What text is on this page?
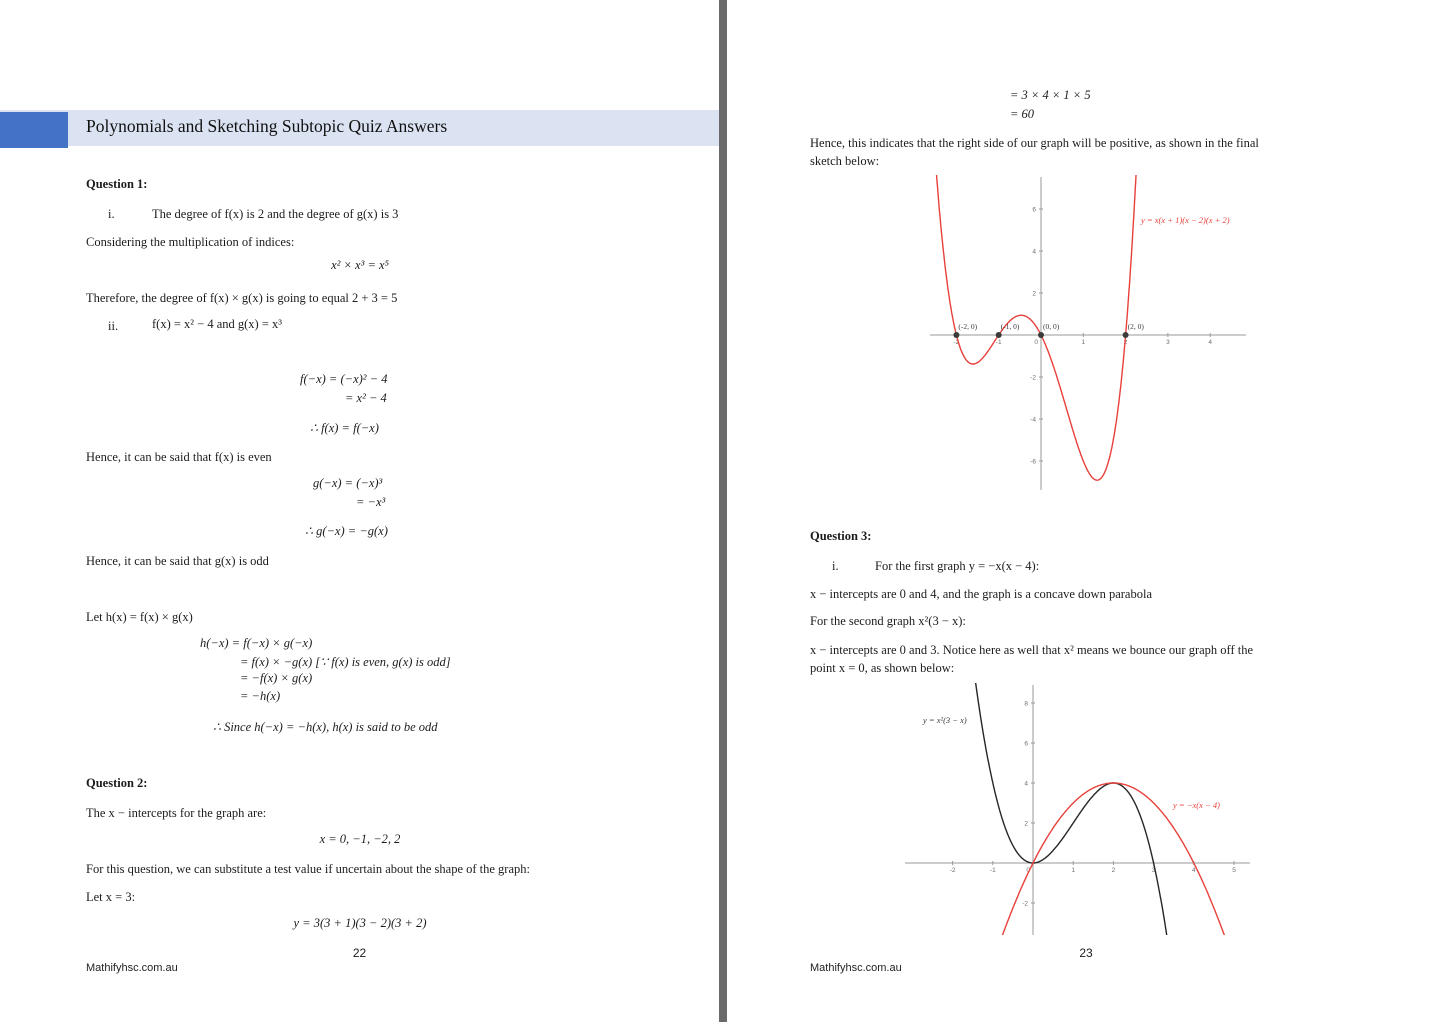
Polynomials and Sketching Subtopic Quiz Answers
Question 1:
i.	The degree of f(x) is 2 and the degree of g(x) is 3
Considering the multiplication of indices:
x² × x³ = x⁵
Therefore, the degree of f(x) × g(x) is going to equal 2 + 3 = 5
ii.	f(x) = x² − 4 and g(x) = x³
f(−x) = (−x)² − 4
= x² − 4
∴ f(x) = f(−x)
Hence, it can be said that f(x) is even
g(−x) = (−x)³
= −x³
∴ g(−x) = −g(x)
Hence, it can be said that g(x) is odd
Let h(x) = f(x) × g(x)
h(−x) = f(−x) × g(−x)
= f(x) × −g(x) [∵ f(x) is even, g(x) is odd]
= −f(x) × g(x)
= −h(x)
∴ Since h(−x) = −h(x), h(x) is said to be odd
Question 2:
The x − intercepts for the graph are:
x = 0, −1, −2, 2
For this question, we can substitute a test value if uncertain about the shape of the graph:
Let x = 3:
y = 3(3 + 1)(3 − 2)(3 + 2)
22
Mathifyhsc.com.au
= 3 × 4 × 1 × 5
= 60
Hence, this indicates that the right side of our graph will be positive, as shown in the final
sketch below:
-2	-1	0	1	2	3	4
-6
-4
-2
2
4
6
(-2, 0)	(-1, 0)	(0, 0)	(2, 0)
y = x(x + 1)(x − 2)(x + 2)
Question 3:
i.	For the first graph y = −x(x − 4):
x − intercepts are 0 and 4, and the graph is a concave down parabola
For the second graph x²(3 − x):
x − intercepts are 0 and 3. Notice here as well that x² means we bounce our graph off the
point x = 0, as shown below:
-2	-1	0	1	2	3	4	5
-2
2
4
6
8
y = x²(3 − x)
y = −x(x − 4)
23
Mathifyhsc.com.au
